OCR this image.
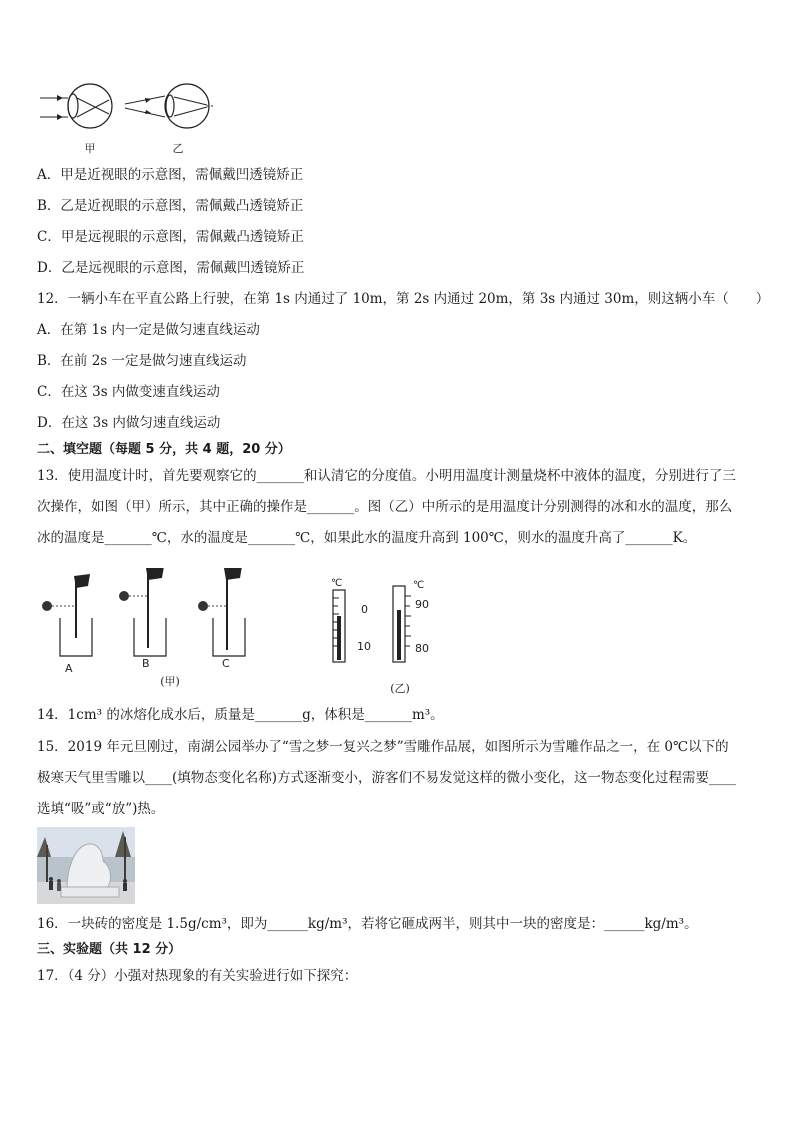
甲	乙
A．甲是近视眼的示意图，需佩戴凹透镜矫正
B．乙是近视眼的示意图，需佩戴凸透镜矫正
C．甲是远视眼的示意图，需佩戴凸透镜矫正
D．乙是远视眼的示意图，需佩戴凹透镜矫正
12．一辆小车在平直公路上行驶，在第 1s 内通过了 10m，第 2s 内通过 20m，第 3s 内通过 30m，则这辆小车（　　）
A．在第 1s 内一定是做匀速直线运动
B．在前 2s 一定是做匀速直线运动
C．在这 3s 内做变速直线运动
D．在这 3s 内做匀速直线运动
二、填空题（每题 5 分，共 4 题，20 分）
13．使用温度计时，首先要观察它的_______和认清它的分度值。小明用温度计测量烧杯中液体的温度，分别进行了三
次操作，如图（甲）所示，其中正确的操作是_______。图（乙）中所示的是用温度计分别测得的冰和水的温度，那么
冰的温度是_______℃，水的温度是_______℃，如果此水的温度升高到 100℃，则水的温度升高了_______K。
A	B	C
(甲)
℃
0
10
℃
90
80
(乙)
14．1cm³ 的冰熔化成水后，质量是_______g，体积是_______m³。
15．2019 年元旦刚过，南湖公园举办了“雪之梦一复兴之梦”雪雕作品展，如图所示为雪雕作品之一，在 0℃以下的
极寒天气里雪雕以____(填物态变化名称)方式逐渐变小，游客们不易发觉这样的微小变化，这一物态变化过程需要____
选填“吸”或“放”)热。
16．一块砖的密度是 1.5g/cm³，即为______kg/m³，若将它砸成两半，则其中一块的密度是：______kg/m³。
三、实验题（共 12 分）
17．（4 分）小强对热现象的有关实验进行如下探究：
